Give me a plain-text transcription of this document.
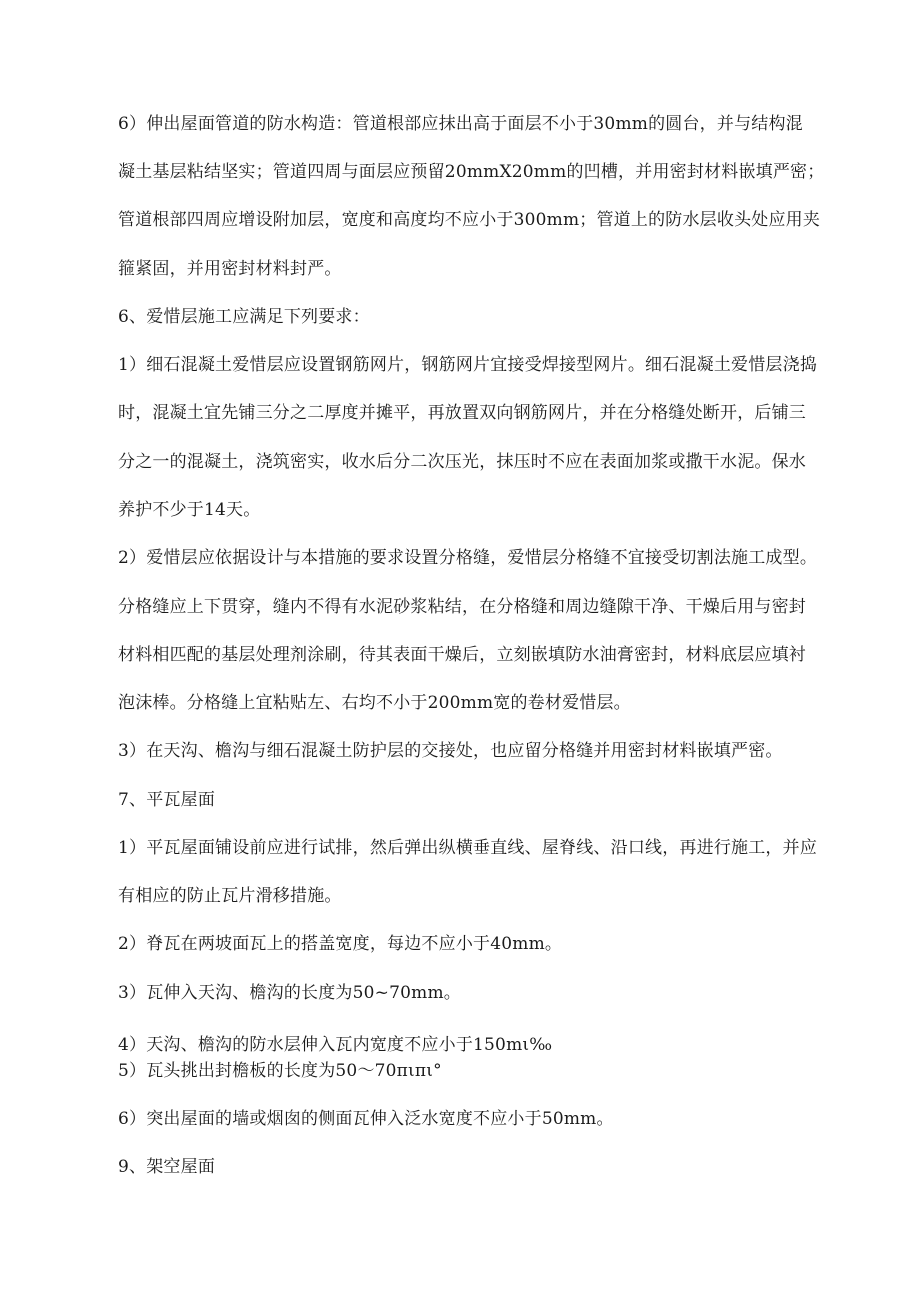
6）伸出屋面管道的防水构造：管道根部应抹出高于面层不小于30mm的圆台，并与结构混
凝土基层粘结坚实；管道四周与面层应预留20mmX20mm的凹槽，并用密封材料嵌填严密；
管道根部四周应增设附加层，宽度和高度均不应小于300mm；管道上的防水层收头处应用夹
箍紧固，并用密封材料封严。
6、爱惜层施工应满足下列要求：
1）细石混凝土爱惜层应设置钢筋网片，钢筋网片宜接受焊接型网片。细石混凝土爱惜层浇捣
时，混凝土宜先铺三分之二厚度并摊平，再放置双向钢筋网片，并在分格缝处断开，后铺三
分之一的混凝土，浇筑密实，收水后分二次压光，抹压时不应在表面加浆或撒干水泥。保水
养护不少于14天。
2）爱惜层应依据设计与本措施的要求设置分格缝，爱惜层分格缝不宜接受切割法施工成型。
分格缝应上下贯穿，缝内不得有水泥砂浆粘结，在分格缝和周边缝隙干净、干燥后用与密封
材料相匹配的基层处理剂涂刷，待其表面干燥后，立刻嵌填防水油膏密封，材料底层应填衬
泡沫棒。分格缝上宜粘贴左、右均不小于200mm宽的卷材爱惜层。
3）在天沟、檐沟与细石混凝土防护层的交接处，也应留分格缝并用密封材料嵌填严密。
7、平瓦屋面
1）平瓦屋面铺设前应进行试排，然后弹出纵横垂直线、屋脊线、沿口线，再进行施工，并应
有相应的防止瓦片滑移措施。
2）脊瓦在两坡面瓦上的搭盖宽度，每边不应小于40mm。
3）瓦伸入天沟、檐沟的长度为50~70mm。
4）天沟、檐沟的防水层伸入瓦内宽度不应小于150mι‰
5）瓦头挑出封檐板的长度为50～70πιπι°
6）突出屋面的墙或烟囱的侧面瓦伸入泛水宽度不应小于50mm。
9、架空屋面
